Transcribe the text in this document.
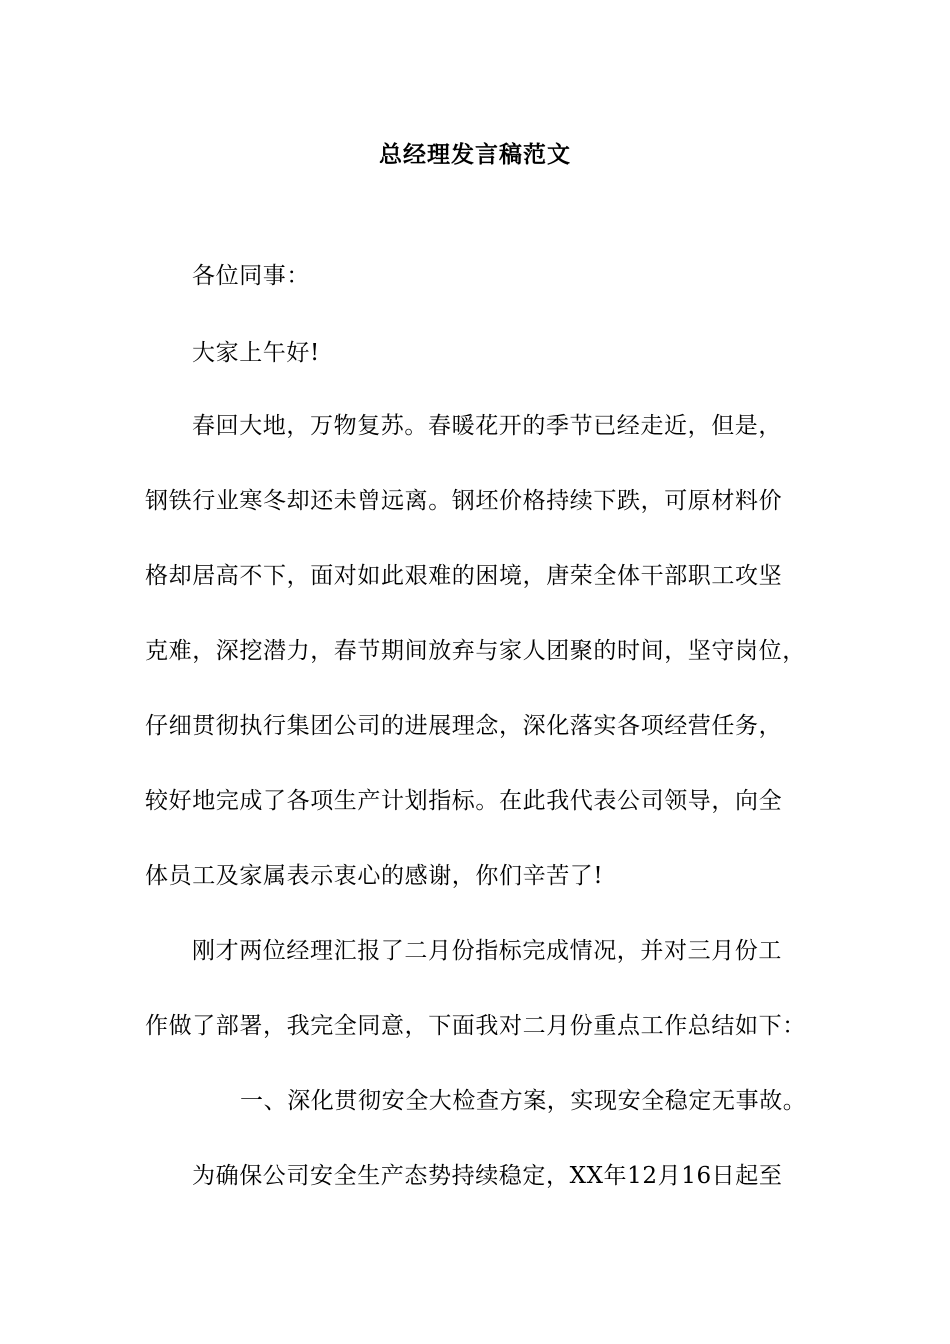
总经理发言稿范文
各位同事：
大家上午好!
春回大地，万物复苏。春暖花开的季节已经走近，但是，
钢铁行业寒冬却还未曾远离。钢坯价格持续下跌，可原材料价
格却居高不下，面对如此艰难的困境，唐荣全体干部职工攻坚
克难，深挖潜力，春节期间放弃与家人团聚的时间，坚守岗位，
仔细贯彻执行集团公司的进展理念，深化落实各项经营任务，
较好地完成了各项生产计划指标。在此我代表公司领导，向全
体员工及家属表示衷心的感谢，你们辛苦了!
刚才两位经理汇报了二月份指标完成情况，并对三月份工
作做了部署，我完全同意，下面我对二月份重点工作总结如下：
一、深化贯彻安全大检查方案，实现安全稳定无事故。
为确保公司安全生产态势持续稳定，XX年12月16日起至
